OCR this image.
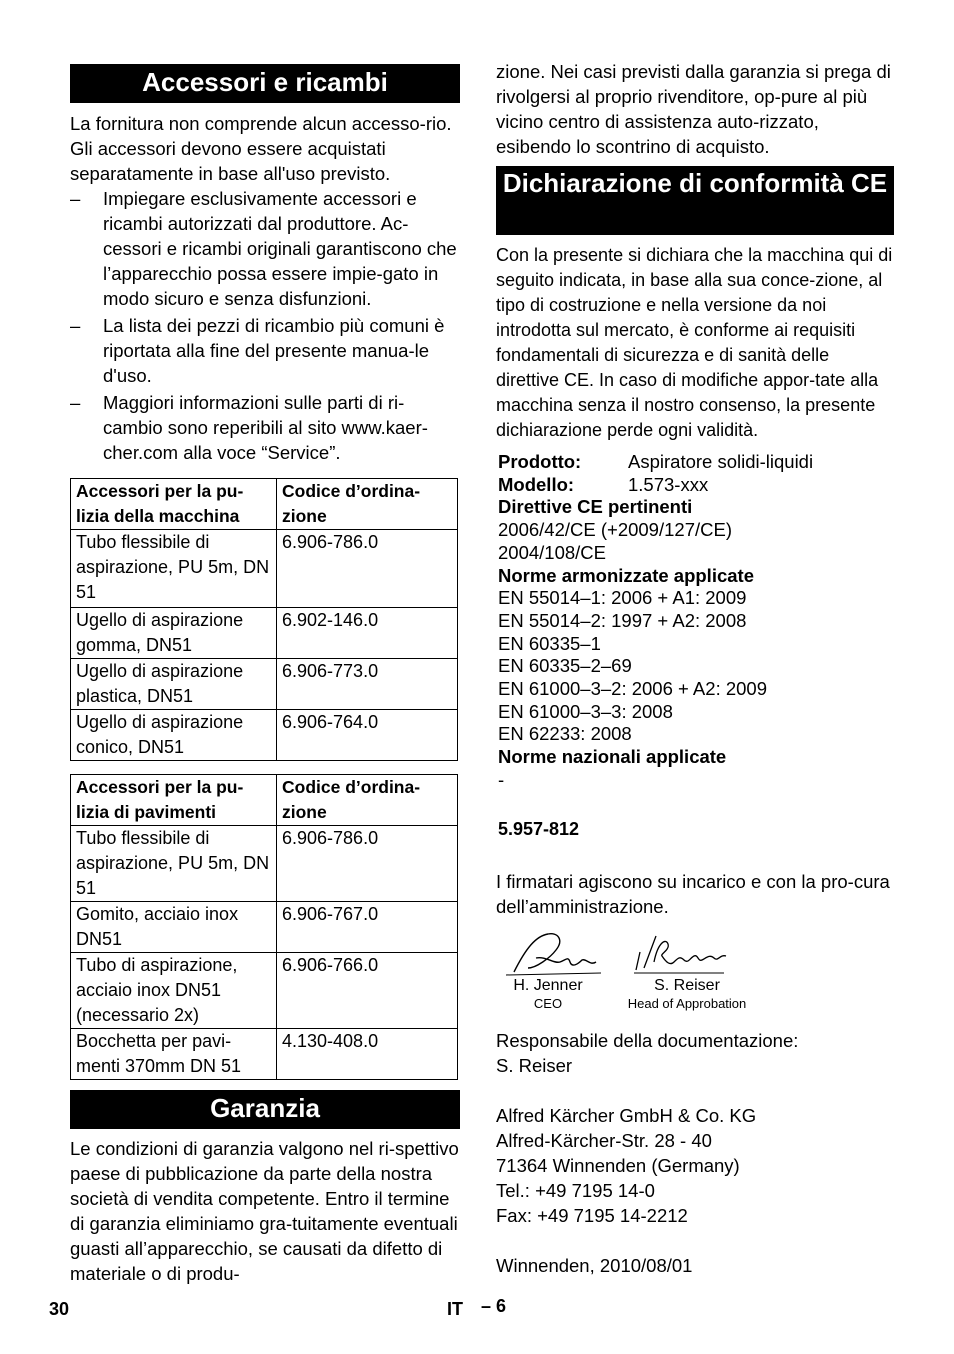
Accessori e ricambi

La fornitura non comprende alcun accesso-rio. Gli accessori devono essere acquistati separatamente in base all'uso previsto.

– Impiegare esclusivamente accessori e ricambi autorizzati dal produttore. Ac-cessori e ricambi originali garantiscono che l’apparecchio possa essere impie-gato in modo sicuro e senza disfunzioni.
– La lista dei pezzi di ricambio più comuni è riportata alla fine del presente manua-le d'uso.
– Maggiori informazioni sulle parti di ri-cambio sono reperibili al sito www.kaer-cher.com alla voce “Service”.
Accessori per la pu-lizia della macchina	Codice d’ordina-zione
Tubo flessibile di aspirazione, PU 5m, DN 51	6.906-786.0
Ugello di aspirazione gomma, DN51	6.902-146.0
Ugello di aspirazione plastica, DN51	6.906-773.0
Ugello di aspirazione conico, DN51	6.906-764.0
Accessori per la pu-lizia di pavimenti	Codice d’ordina-zione
Tubo flessibile di aspirazione, PU 5m, DN 51	6.906-786.0
Gomito, acciaio inox DN51	6.906-767.0
Tubo di aspirazione, acciaio inox DN51 (necessario 2x)	6.906-766.0
Bocchetta per pavi-menti 370mm DN 51	4.130-408.0
Garanzia

Le condizioni di garanzia valgono nel ri-spettivo paese di pubblicazione da parte della nostra società di vendita competente. Entro il termine di garanzia eliminiamo gra-tuitamente eventuali guasti all’apparecchio, se causati da difetto di materiale o di produ-

zione. Nei casi previsti dalla garanzia si prega di rivolgersi al proprio rivenditore, op-pure al più vicino centro di assistenza auto-rizzato, esibendo lo scontrino di acquisto.

Dichiarazione di conformità CE

Con la presente si dichiara che la macchina qui di seguito indicata, in base alla sua conce-zione, al tipo di costruzione e nella versione da noi introdotta sul mercato, è conforme ai requisiti fondamentali di sicurezza e di sanità delle direttive CE. In caso di modifiche appor-tate alla macchina senza il nostro consenso, la presente dichiarazione perde ogni validità.

Prodotto:	Aspiratore solidi-liquidi
Modello:	1.573-xxx
Direttive CE pertinenti
2006/42/CE (+2009/127/CE)
2004/108/CE
Norme armonizzate applicate
EN 55014–1: 2006 + A1: 2009
EN 55014–2: 1997 + A2: 2008
EN 60335–1
EN 60335–2–69
EN 61000–3–2: 2006 + A2: 2009
EN 61000–3–3: 2008
EN 62233: 2008
Norme nazionali applicate
-
5.957-812

I firmatari agiscono su incarico e con la pro-cura dell’amministrazione.

H. Jenner
CEO
S. Reiser
Head of Approbation
Responsabile della documentazione:
S. Reiser
Alfred Kärcher GmbH & Co. KG
Alfred-Kärcher-Str. 28 - 40
71364 Winnenden (Germany)
Tel.: +49 7195 14-0
Fax: +49 7195 14-2212
Winnenden, 2010/08/01
30	IT – 6
